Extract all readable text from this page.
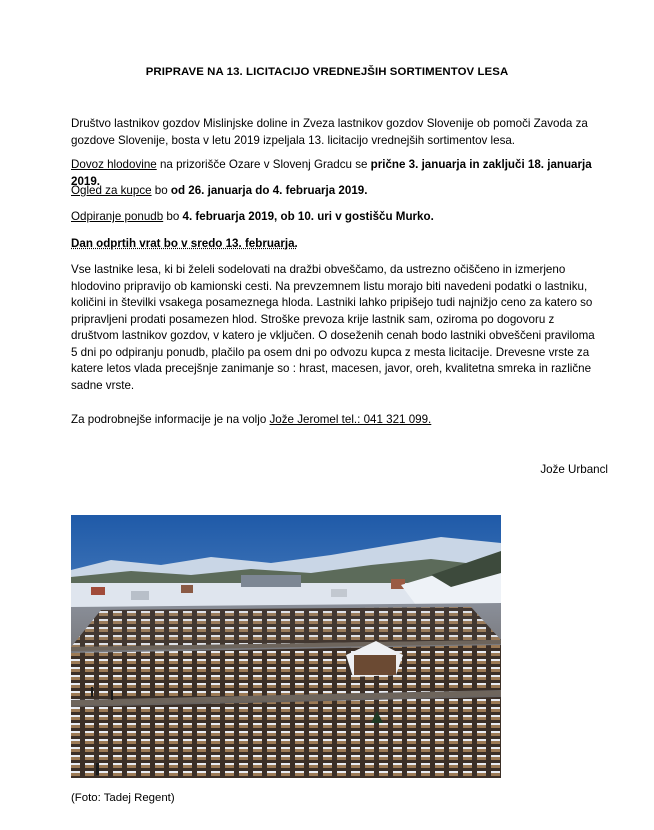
PRIPRAVE NA 13. LICITACIJO VREDNEJŠIH SORTIMENTOV LESA
Društvo lastnikov gozdov Mislinjske doline in Zveza lastnikov gozdov Slovenije ob pomoči Zavoda za gozdove Slovenije, bosta v letu 2019 izpeljala 13. licitacijo vrednejših sortimentov lesa.
Dovoz hlodovine na prizorišče Ozare v Slovenj Gradcu se prične 3. januarja in zaključi 18. januarja 2019.
Ogled za kupce bo od 26. januarja do 4. februarja 2019.
Odpiranje ponudb bo 4. februarja 2019, ob 10. uri v gostišču Murko.
Dan odprtih vrat bo v sredo 13. februarja.
Vse lastnike lesa, ki bi želeli sodelovati na dražbi obveščamo, da ustrezno očiščeno in izmerjeno hlodovino pripravijo ob kamionski cesti. Na prevzemnem listu morajo biti navedeni podatki o lastniku, količini in številki vsakega posameznega hloda. Lastniki lahko pripišejo tudi najnižjo ceno za katero so pripravljeni prodati posamezen hlod. Stroške prevoza krije lastnik sam, oziroma po dogovoru z društvom lastnikov gozdov, v katero je vključen. O doseženih cenah bodo lastniki obveščeni praviloma 5 dni po odpiranju ponudb, plačilo pa osem dni po odvozu kupca z mesta licitacije. Drevesne vrste za katere letos vlada precejšnje zanimanje so : hrast, macesen, javor, oreh, kvalitetna smreka in različne sadne vrste.
Za podrobnejše informacije je na voljo Jože Jeromel tel.: 041 321 099.
Jože Urbancl
(Foto: Tadej Regent)
